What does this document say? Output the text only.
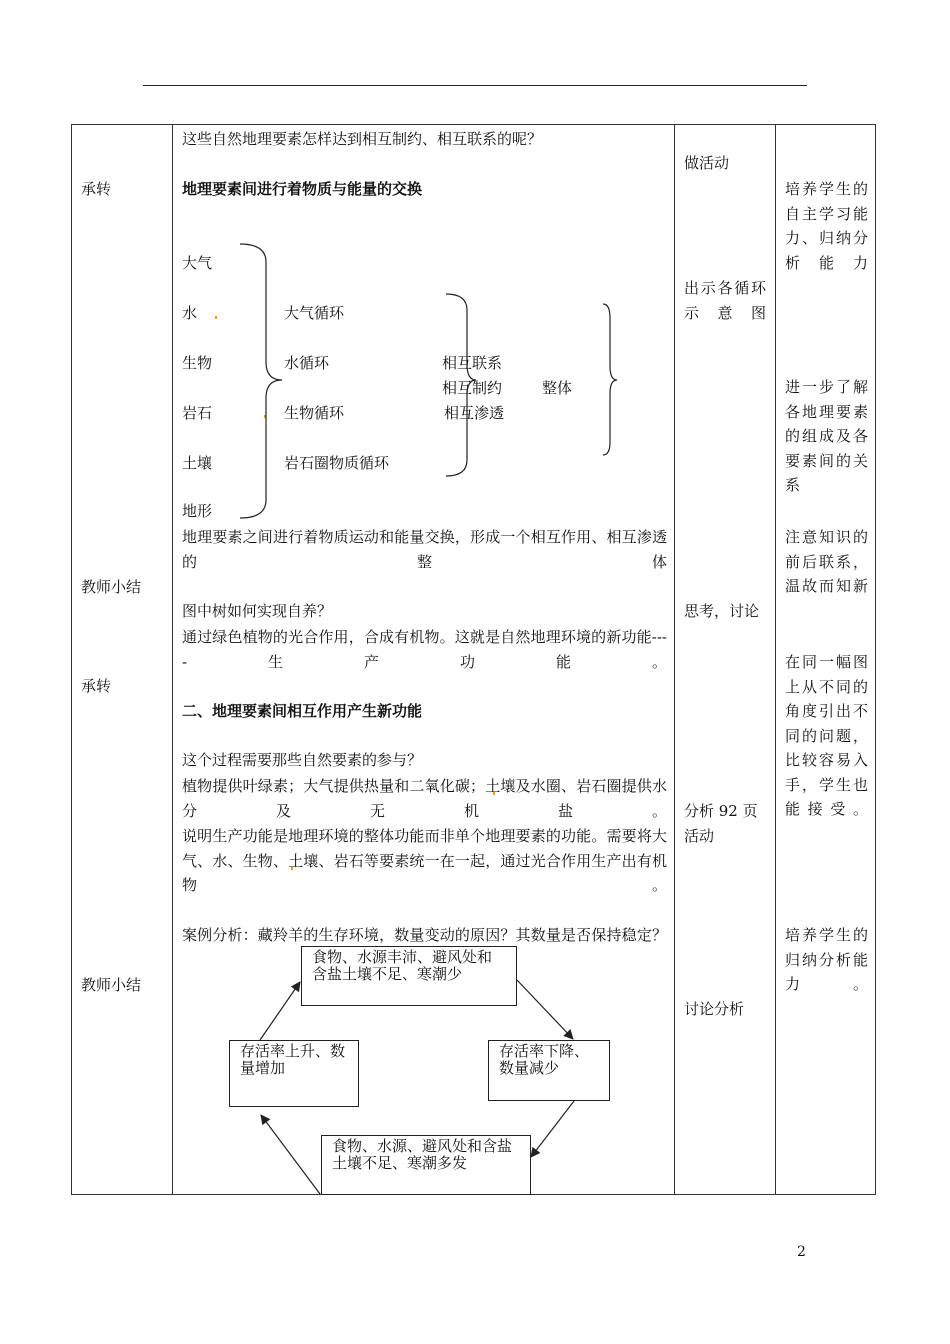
承转
教师小结
承转
教师小结
这些自然地理要素怎样达到相互制约、相互联系的呢？
地理要素间进行着物质与能量的交换
大气
水
生物
岩石
土壤
地形
大气循环
水循环
生物循环
岩石圈物质循环
相互联系
相互制约
相互渗透
整体
地理要素之间进行着物质运动和能量交换，形成一个相互作用、相互渗透的整体
图中树如何实现自养？
通过绿色植物的光合作用，合成有机物。这就是自然地理环境的新功能----生产功能。
二、地理要素间相互作用产生新功能
这个过程需要那些自然要素的参与？
植物提供叶绿素；大气提供热量和二氧化碳；土壤及水圈、岩石圈提供水分及无机盐。
说明生产功能是地理环境的整体功能而非单个地理要素的功能。需要将大气、水、生物、土壤、岩石等要素统一在一起，通过光合作用生产出有机物。
案例分析：藏羚羊的生存环境，数量变动的原因？其数量是否保持稳定？
食物、水源丰沛、避风处和含盐土壤不足、寒潮少
存活率下降、数量减少
食物、水源、避风处和含盐土壤不足、寒潮多发
存活率上升、数量增加
做活动
出示各循环示意图
思考，讨论
分析 92 页活动
讨论分析
培养学生的自主学习能力、归纳分析能力
进一步了解各地理要素的组成及各要素间的关系
注意知识的前后联系，温故而知新
在同一幅图上从不同的角度引出不同的问题，比较容易入手，学生也能接受。
培养学生的归纳分析能力。
2
